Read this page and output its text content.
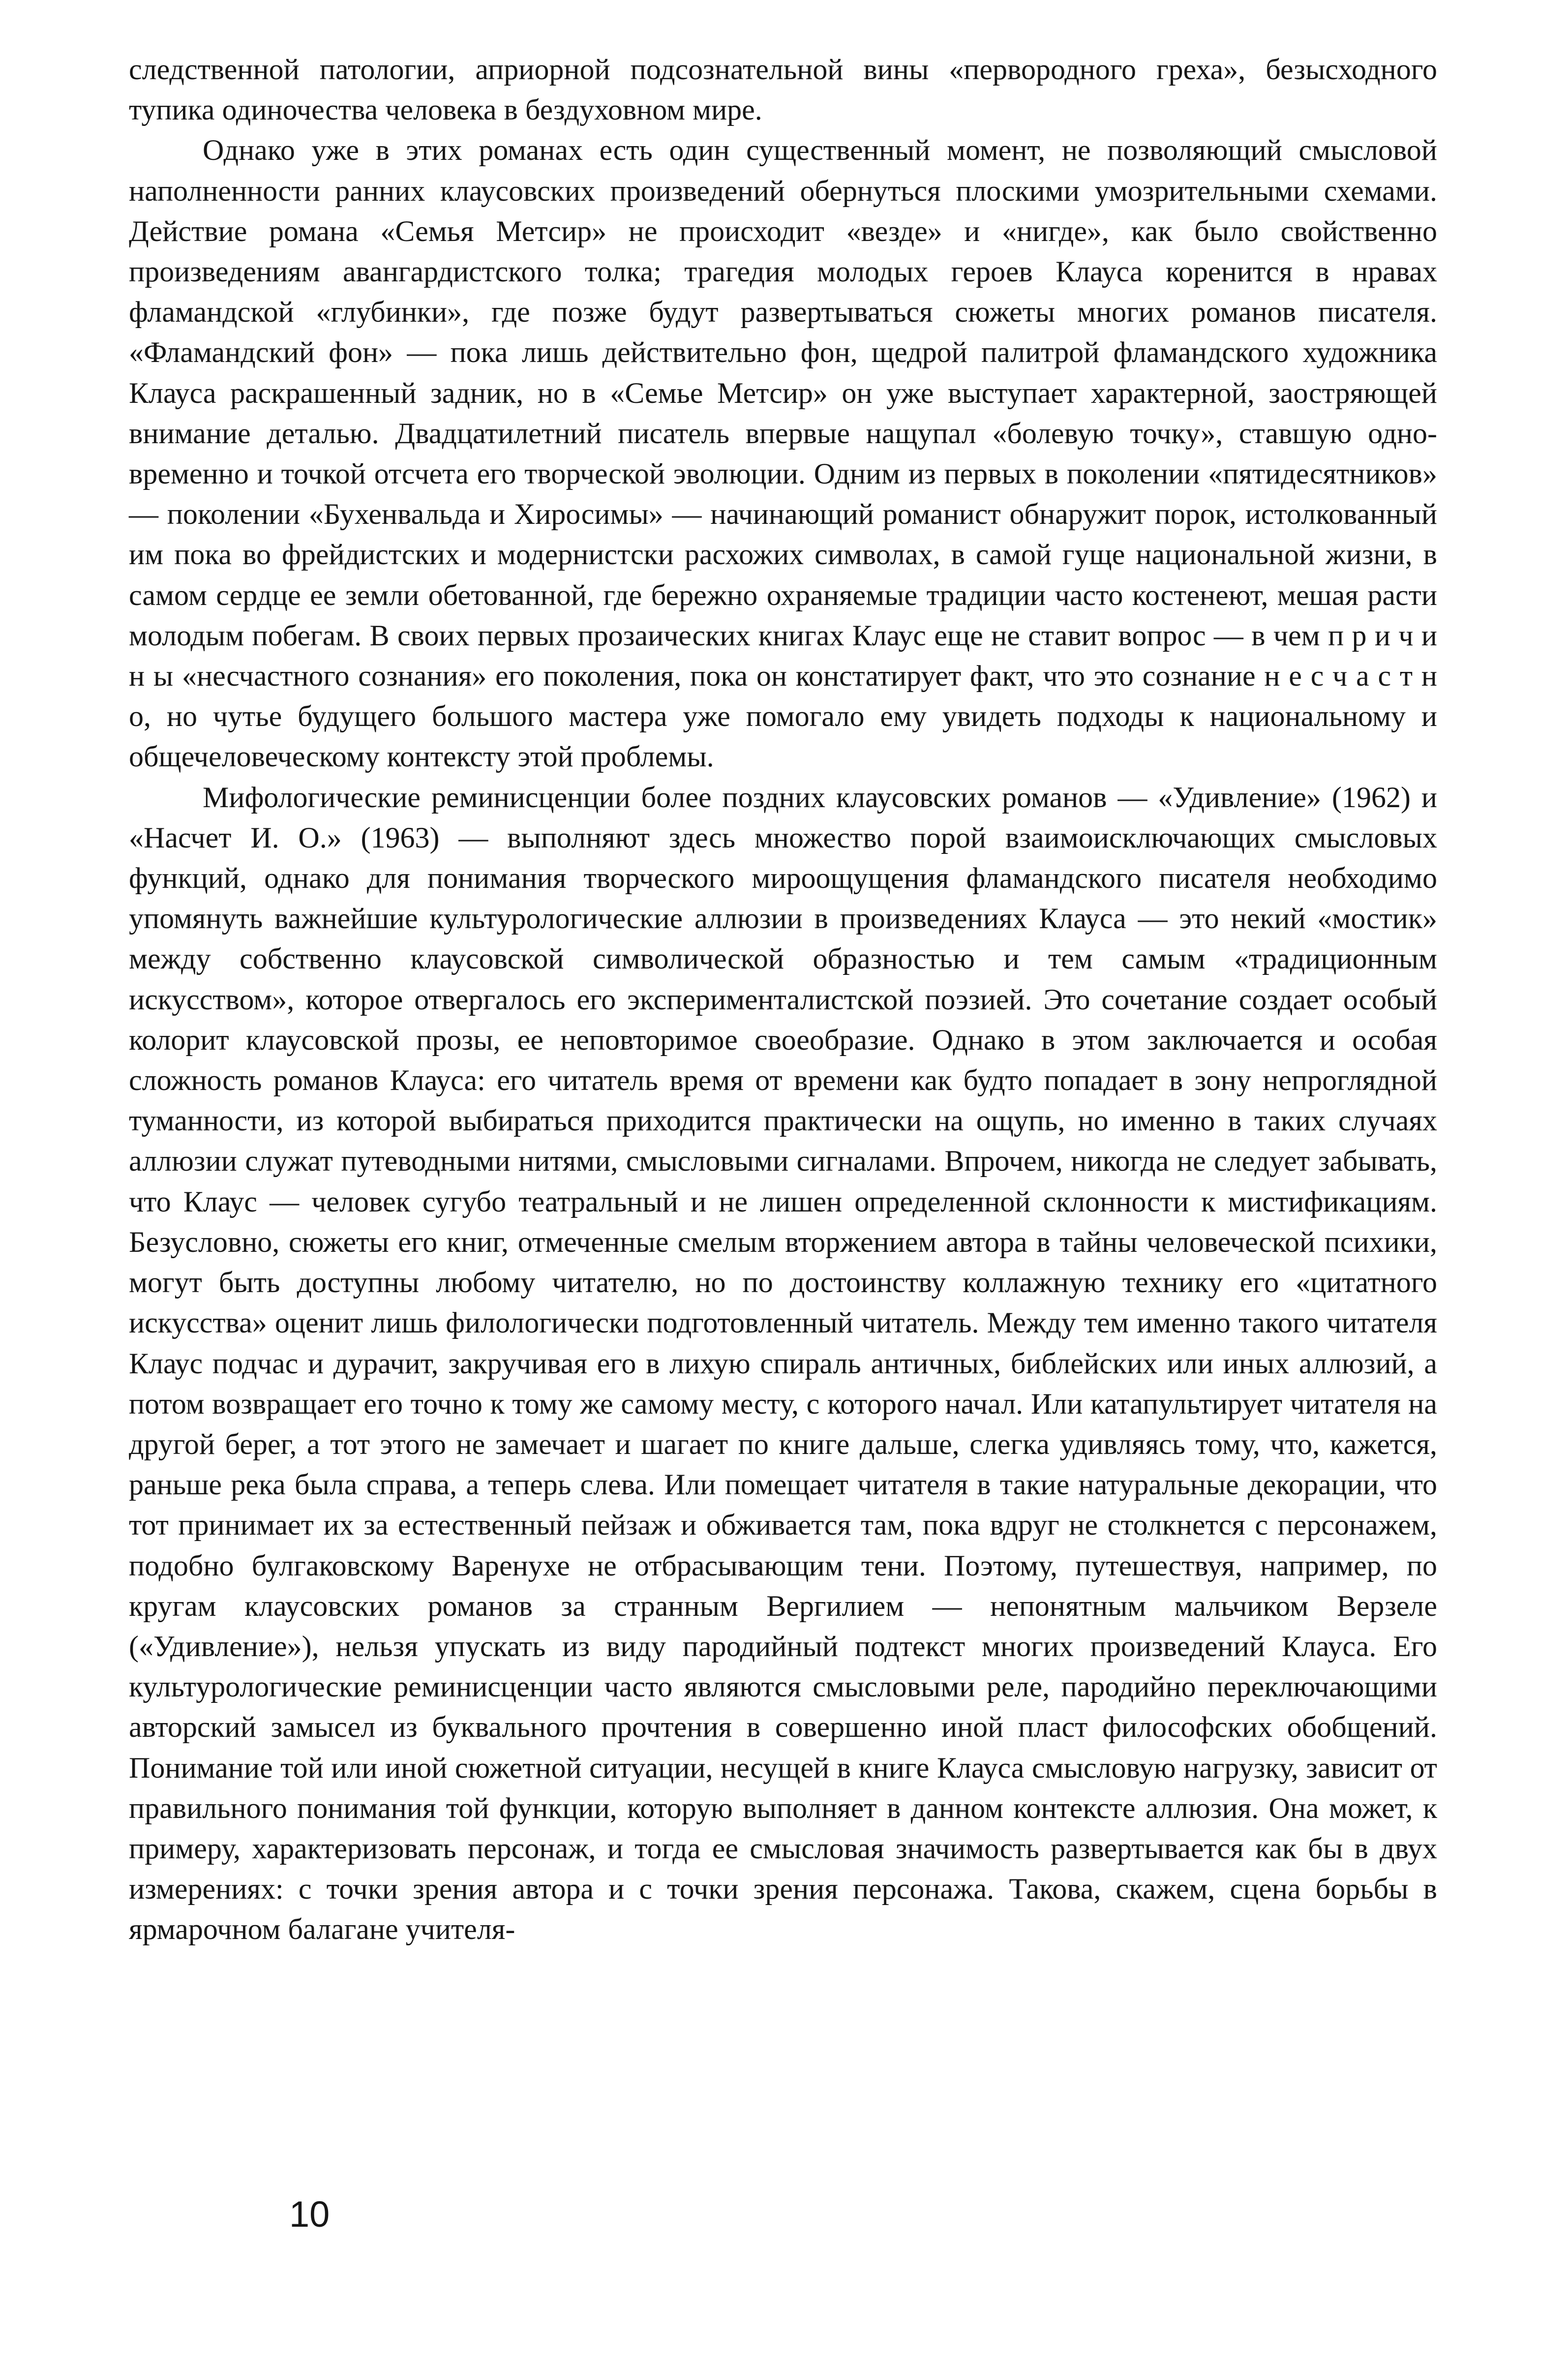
следственной патологии, априорной подсознательной вины «первородного греха», безысходного тупика одиночества человека в бездуховном мире.

Однако уже в этих романах есть один существенный момент, не позволяющий смысловой наполненности ранних клаусовских произведений обернуться плоскими умозрительными схемами. Действие романа «Семья Метсир» не происходит «везде» и «нигде», как было свойственно произведениям авангардистского толка; трагедия молодых героев Клауса коренится в нравах фламандской «глубинки», где позже будут развертываться сюжеты многих романов писателя. «Фламандский фон» — пока лишь действительно фон, щедрой палитрой фламандского художника Клауса раскрашенный задник, но в «Семье Метсир» он уже выступает характерной, заостряющей внимание деталью. Двадцатилетний писатель впервые нащупал «болевую точку», ставшую одновременно и точкой отсчета его творческой эволюции. Одним из первых в поколении «пятидесятников» — поколении «Бухенвальда и Хиросимы» — начинающий романист обнаружит порок, истолкованный им пока во фрейдистских и модернистски расхожих символах, в самой гуще национальной жизни, в самом сердце ее земли обетованной, где бережно охраняемые традиции часто костенеют, мешая расти молодым побегам. В своих первых прозаических книгах Клаус еще не ставит вопрос — в чем п р и ч и н ы «несчастного сознания» его поколения, пока он констатирует факт, что это сознание н е с ч а с т н о, но чутье будущего большого мастера уже помогало ему увидеть подходы к национальному и общечеловеческому контексту этой проблемы.

Мифологические реминисценции более поздних клаусовских романов — «Удивление» (1962) и «Насчет И. О.» (1963) — выполняют здесь множество порой взаимоисключающих смысловых функций, однако для понимания творческого мироощущения фламандского писателя необходимо упомянуть важнейшие культурологические аллюзии в произведениях Клауса — это некий «мостик» между собственно клаусовской символической образностью и тем самым «традиционным искусством», которое отвергалось его эксперименталистской поэзией. Это сочетание создает особый колорит клаусовской прозы, ее неповторимое своеобразие. Однако в этом заключается и особая сложность романов Клауса: его читатель время от времени как будто попадает в зону непроглядной туманности, из которой выбираться приходится практически на ощупь, но именно в таких случаях аллюзии служат путеводными нитями, смысловыми сигналами. Впрочем, никогда не следует забывать, что Клаус — человек сугубо театральный и не лишен определенной склонности к мистификациям. Безусловно, сюжеты его книг, отмеченные смелым вторжением автора в тайны человеческой психики, могут быть доступны любому читателю, но по достоинству коллажную технику его «цитатного искусства» оценит лишь филологически подготовленный читатель. Между тем именно такого читателя Клаус подчас и дурачит, закручивая его в лихую спираль античных, библейских или иных аллюзий, а потом возвращает его точно к тому же самому месту, с которого начал. Или катапультирует читателя на другой берег, а тот этого не замечает и шагает по книге дальше, слегка удивляясь тому, что, кажется, раньше река была справа, а теперь слева. Или помещает читателя в такие натуральные декорации, что тот принимает их за естественный пейзаж и обживается там, пока вдруг не столкнется с персонажем, подобно булгаковскому Варенухе не отбрасывающим тени. Поэтому, путешествуя, например, по кругам клаусовских романов за странным Вергилием — непонятным мальчиком Верзеле («Удивление»), нельзя упускать из виду пародийный подтекст многих произведений Клауса. Его культурологические реминисценции часто являются смысловыми реле, пародийно переключающими авторский замысел из буквального прочтения в совершенно иной пласт философских обобщений. Понимание той или иной сюжетной ситуации, несущей в книге Клауса смысловую нагрузку, зависит от правильного понимания той функции, которую выполняет в данном контексте аллюзия. Она может, к примеру, характеризовать персонаж, и тогда ее смысловая значимость развертывается как бы в двух измерениях: с точки зрения автора и с точки зрения персонажа. Такова, скажем, сцена борьбы в ярмарочном балагане учителя-

10
